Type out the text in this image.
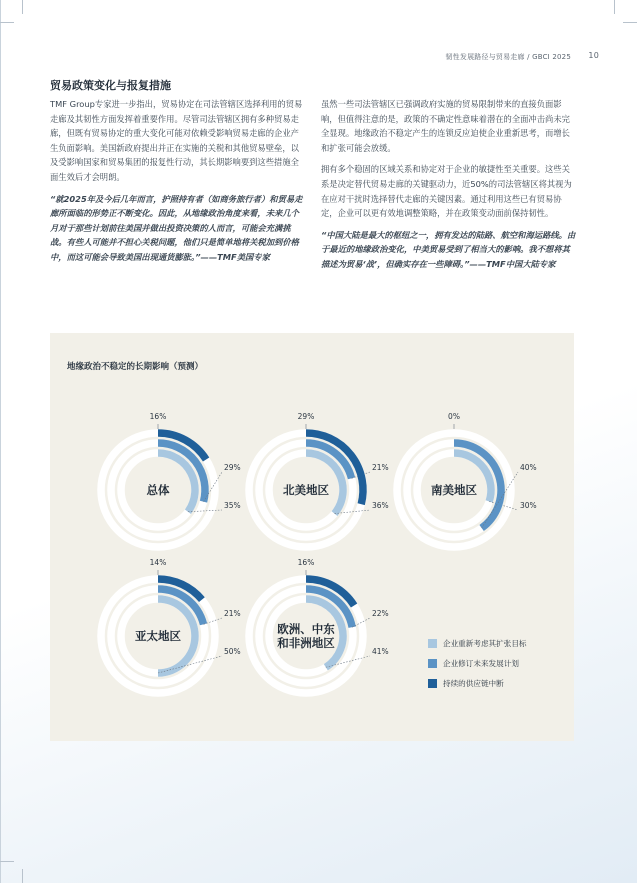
韧性发展路径与贸易走廊 / GBCI 2025 10
贸易政策变化与报复措施

TMF Group专家进一步指出，贸易协定在司法管辖区选择利用的贸易走廊及其韧性方面发挥着重要作用。尽管司法管辖区拥有多种贸易走廊，但既有贸易协定的重大变化可能对依赖受影响贸易走廊的企业产生负面影响。美国新政府提出并正在实施的关税和其他贸易壁垒，以及受影响国家和贸易集团的报复性行动，其长期影响要到这些措施全面生效后才会明朗。

“就2025年及今后几年而言，护照持有者（如商务旅行者）和贸易走廊所面临的形势正不断变化。因此，从地缘政治角度来看，未来几个月对于那些计划前往美国并做出投资决策的人而言，可能会充满挑战。有些人可能并不担心关税问题，他们只是简单地将关税加到价格中，而这可能会导致美国出现通货膨胀。”——TMF美国专家

虽然一些司法管辖区已强调政府实施的贸易限制带来的直接负面影响，但值得注意的是，政策的不确定性意味着潜在的全面冲击尚未完全显现。地缘政治不稳定产生的连锁反应迫使企业重新思考，而增长和扩张可能会放缓。

拥有多个稳固的区域关系和协定对于企业的敏捷性至关重要。这些关系是决定替代贸易走廊的关键驱动力，近50%的司法管辖区将其视为在应对干扰时选择替代走廊的关键因素。通过利用这些已有贸易协定，企业可以更有效地调整策略，并在政策变动面前保持韧性。

“中国大陆是最大的枢纽之一，拥有发达的陆路、航空和海运路线。由于最近的地缘政治变化，中美贸易受到了相当大的影响。我不想将其描述为贸易‘战’，但确实存在一些障碍。”——TMF中国大陆专家

地缘政治不稳定的长期影响（预测）
35%
29%
16%
总体
36%
21%
29%
北美地区
30%
40%
0%
南美地区
50%
21%
14%
亚太地区
41%
22%
16%
欧洲、中东
和非洲地区	企业重新考虑其扩张目标
企业修订未来发展计划
持续的供应链中断
